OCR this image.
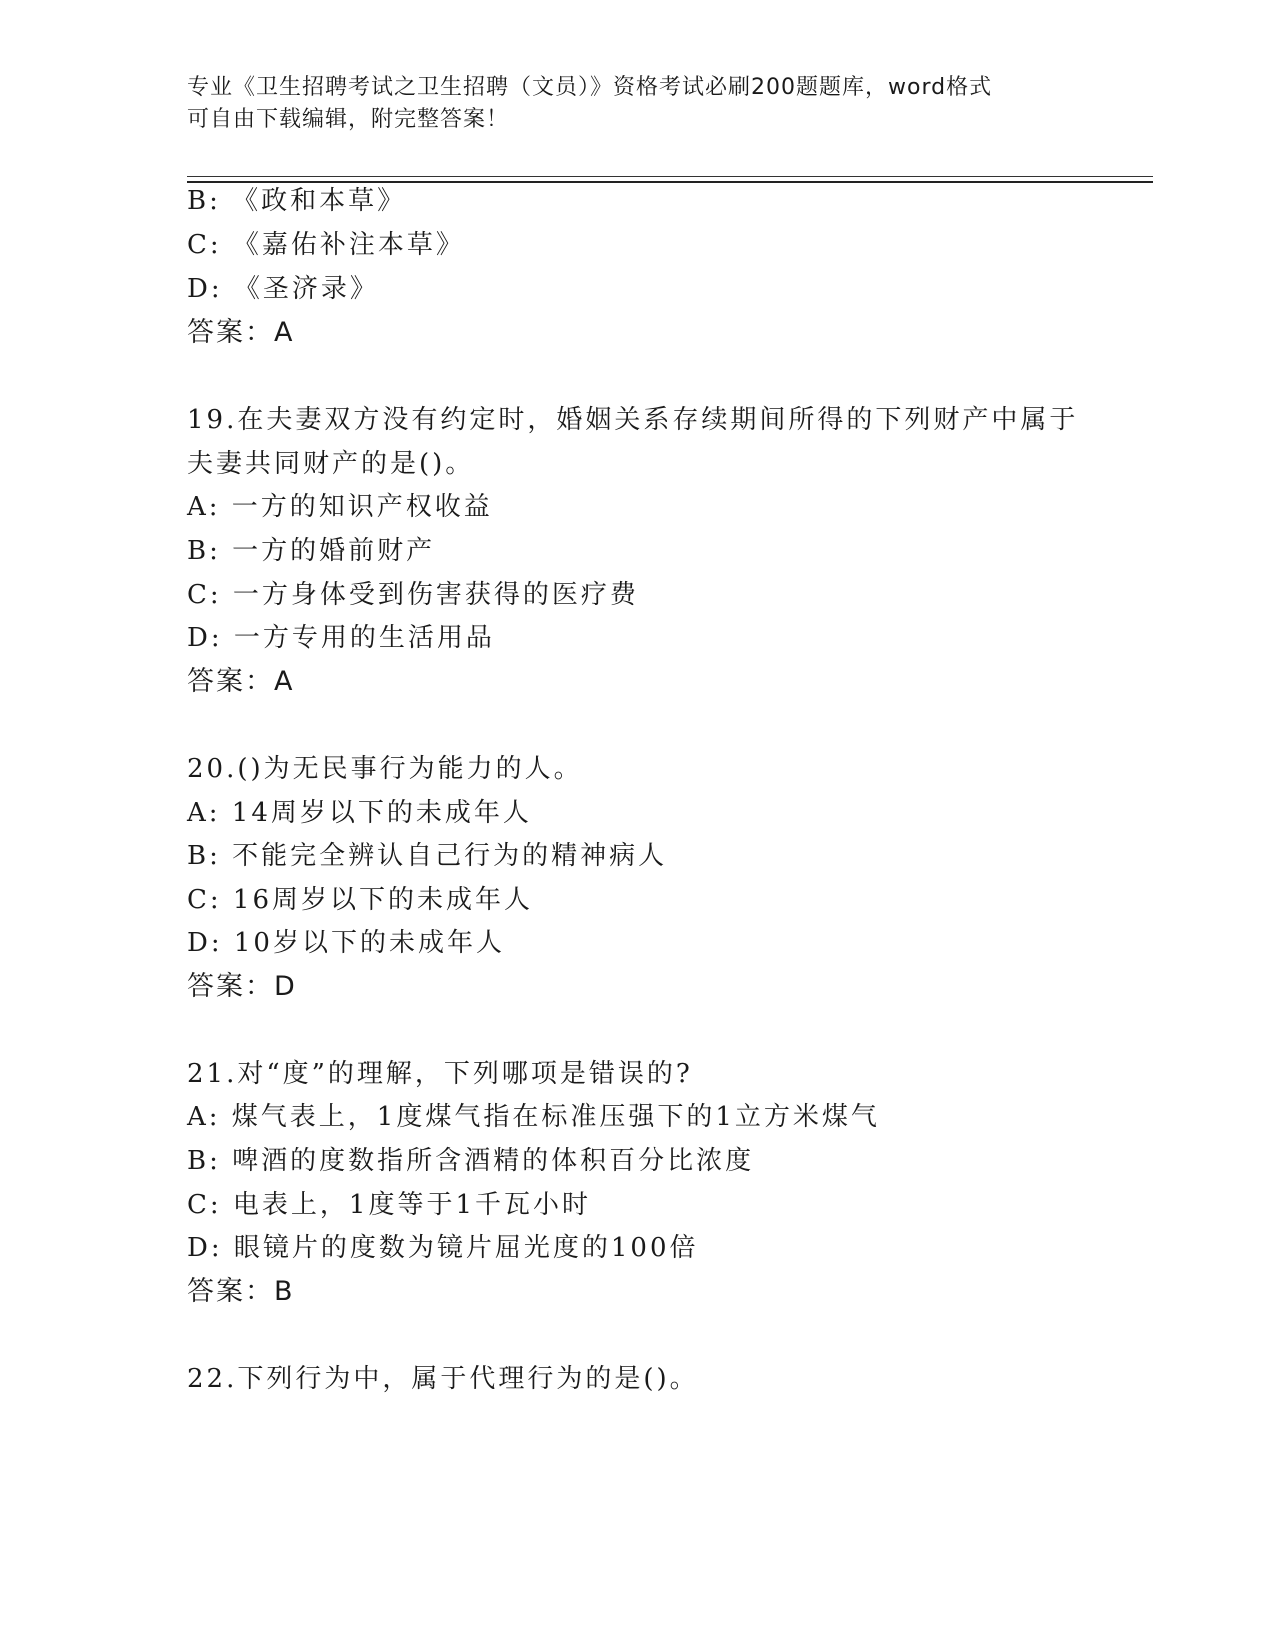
专业《卫生招聘考试之卫生招聘（文员）》资格考试必刷200题题库，word格式
可自由下载编辑，附完整答案！
B: 《政和本草》
C: 《嘉佑补注本草》
D: 《圣济录》
答案：A
19.在夫妻双方没有约定时，婚姻关系存续期间所得的下列财产中属于
夫妻共同财产的是()。
A: 一方的知识产权收益
B: 一方的婚前财产
C: 一方身体受到伤害获得的医疗费
D: 一方专用的生活用品
答案：A
20.()为无民事行为能力的人。
A: 14周岁以下的未成年人
B: 不能完全辨认自己行为的精神病人
C: 16周岁以下的未成年人
D: 10岁以下的未成年人
答案：D
21.对“度”的理解，下列哪项是错误的?
A: 煤气表上，1度煤气指在标准压强下的1立方米煤气
B: 啤酒的度数指所含酒精的体积百分比浓度
C: 电表上，1度等于1千瓦小时
D: 眼镜片的度数为镜片屈光度的100倍
答案：B
22.下列行为中，属于代理行为的是()。
